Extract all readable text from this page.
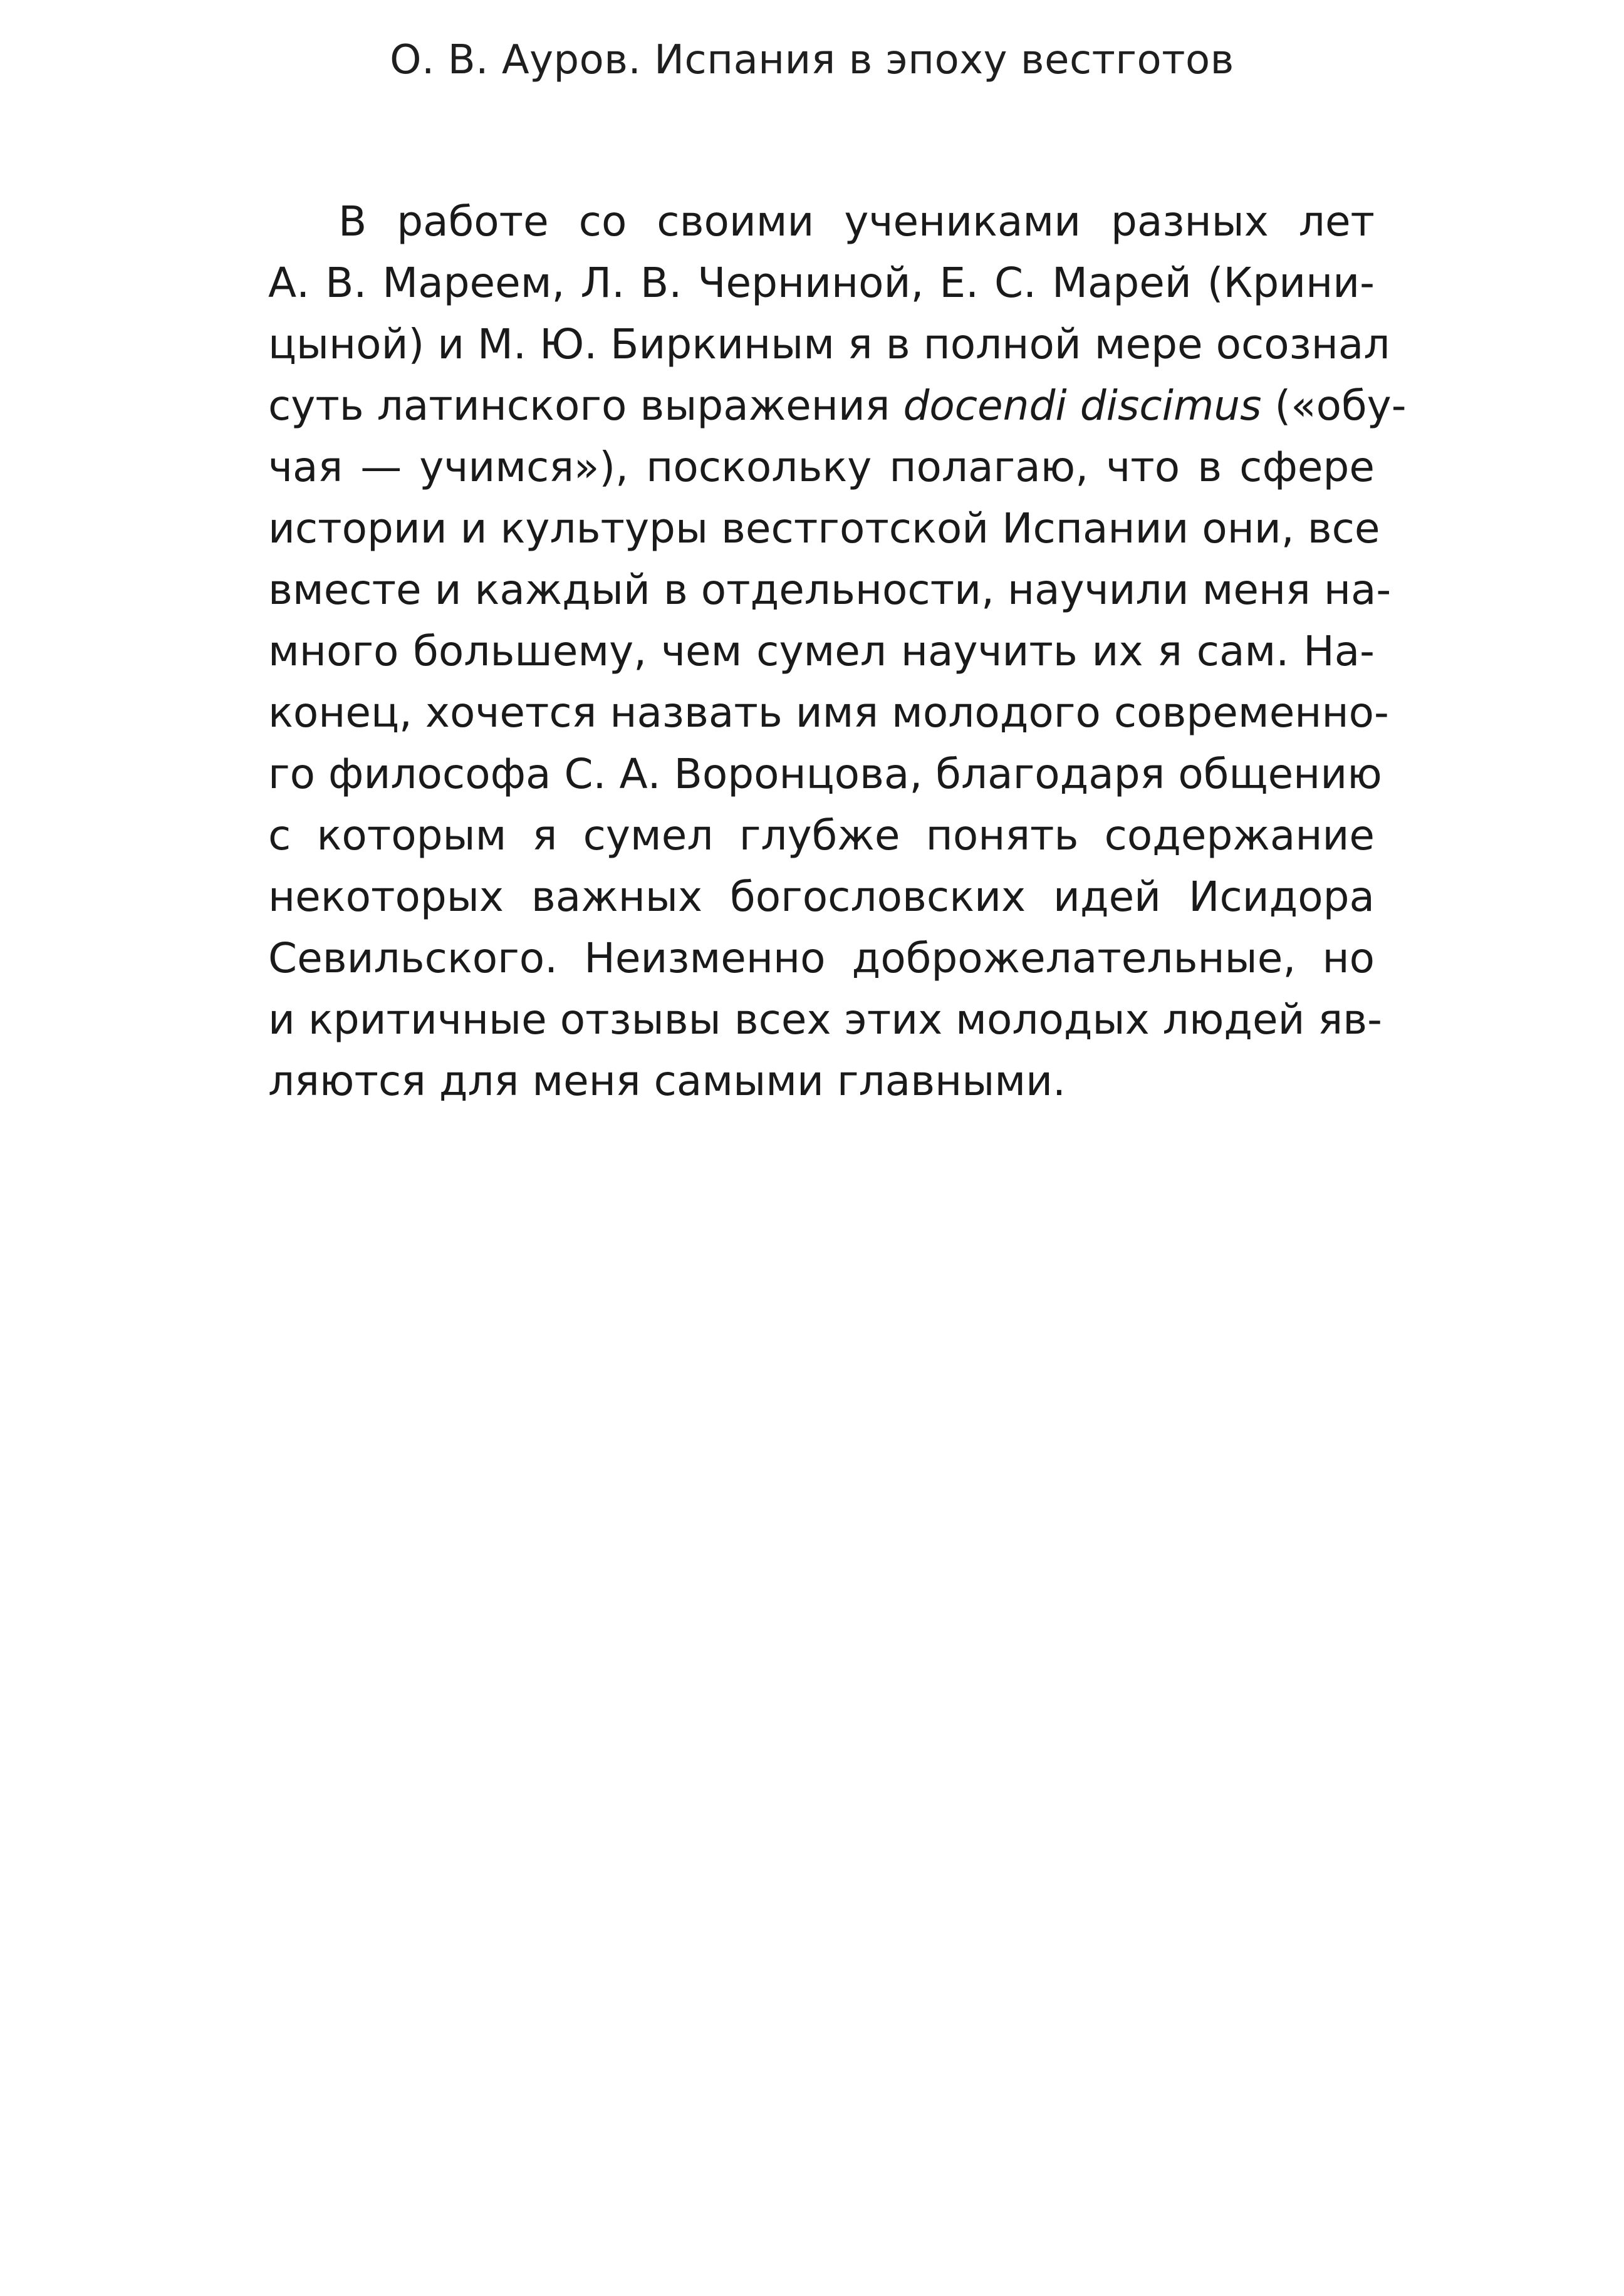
О. В. Ауров. Испания в эпоху вестготов
В работе со своими учениками разных лет
А. В. Мареем, Л. В. Черниной, Е. С. Марей (Крини-
цыной) и М. Ю. Биркиным я в полной мере осознал
суть латинского выражения docendi discimus («обу-
чая — учимся»), поскольку полагаю, что в сфере
истории и культуры вестготской Испании они, все
вместе и каждый в отдельности, научили меня на-
много большему, чем сумел научить их я сам. На-
конец, хочется назвать имя молодого современно-
го философа С. А. Воронцова, благодаря общению
с которым я сумел глубже понять содержание
некоторых важных богословских идей Исидора
Севильского. Неизменно доброжелательные, но
и критичные отзывы всех этих молодых людей яв-
ляются для меня самыми главными.
